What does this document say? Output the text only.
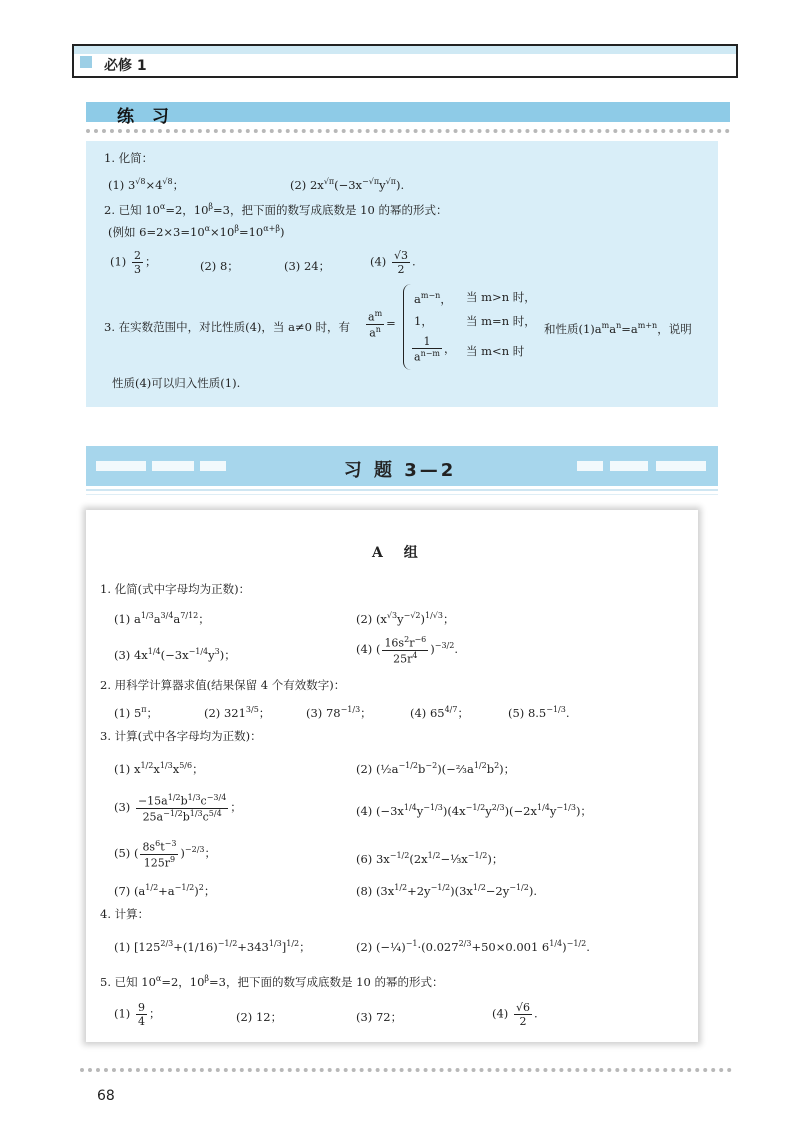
必修 1
练 习
1. 化简：
(1) $3^{√8}\times 4^{√8}$；	(2) $2x^{√\pi}(-3x^{-√\pi}y^{√\pi})$.
2. 已知 $10^\alpha=2$，$10^\beta=3$，把下面的数写成底数是 10 的幂的形式：
(例如 $6=2\times 3=10^\alpha\times 10^\beta=10^{\alpha+\beta}$)
$(1) \frac{2}{3}$ ；	(2) 8；	(3) 24；	$(4) \frac{√3}{2}$ .
3. 在实数范围中，对比性质(4)，当 a≠0 时，有 $\frac{a^m}{a^n}$ =
$a^{m-n}$， 当 m>n 时，
1，	当 m=n 时，
$\frac{1}{a^{n-m}}$ ， 当 m<n 时
和性质$(1)a^ma^n=a^{m+n}$，说明
性质(4)可以归入性质(1).
习 题 3—2
A 组
1. 化简(式中字母均为正数)：
(1) $a^{1/3}a^{3/4}a^{7/12}$；	(2) $(x^{√3}y^{-√2})^{1/√3}$；
(3) $4x^{1/4}(-3x^{-1/4}y^3)$；	(4) ( $\frac{16s^2r^{-6}}{25r^4} )^{-3/2}$.
2. 用科学计算器求值(结果保留 4 个有效数字)：
(1) $5^\pi$；	(2) $321^{3/5}$；	(3) $78^{-1/3}$；	(4) $65^{4/7}$；	(5) $8.5^{-1/3}$.
3. 计算(式中各字母均为正数)：
(1) $x^{1/2}x^{1/3}x^{5/6}$；	(2) $(\frac{1}{2}a^{-1/2}b^{-2})(-\frac{2}{3}a^{1/2}b^2)$；
$(3) \frac{-15a^{1/2}b^{1/3}c^{-3/4}}{25a^{-1/2}b^{1/3}c^{5/4}}$ ；	(4) $(-3x^{1/4}y^{-1/3})(4x^{-1/2}y^{2/3})(-2x^{1/4}y^{-1/3})$；
(5) ( $\frac{8s^6t^{-3}}{125r^9} )^{-2/3}$；	(6) $3x^{-1/2}(2x^{1/2}-\frac{1}{3}x^{-1/2})$；
(7) $(a^{1/2}+a^{-1/2})^2$；	(8) $(3x^{1/2}+2y^{-1/2})(3x^{1/2}-2y^{-1/2})$.
4. 计算：
(1) $[125^{2/3}+(1/16)^{-1/2}+343^{1/3}]^{1/2}$；	(2) $(-\frac{1}{4})^{-1}\cdot(0.027^{2/3}+50\times 0.001$ $6^{1/4})^{-1/2}$.
5. 已知 $10^\alpha=2$，$10^\beta=3$，把下面的数写成底数是 10 的幂的形式：
$(1) \frac{9}{4}$ ；	(2) 12；	(3) 72；	$(4) \frac{√6}{2}$ .
68
